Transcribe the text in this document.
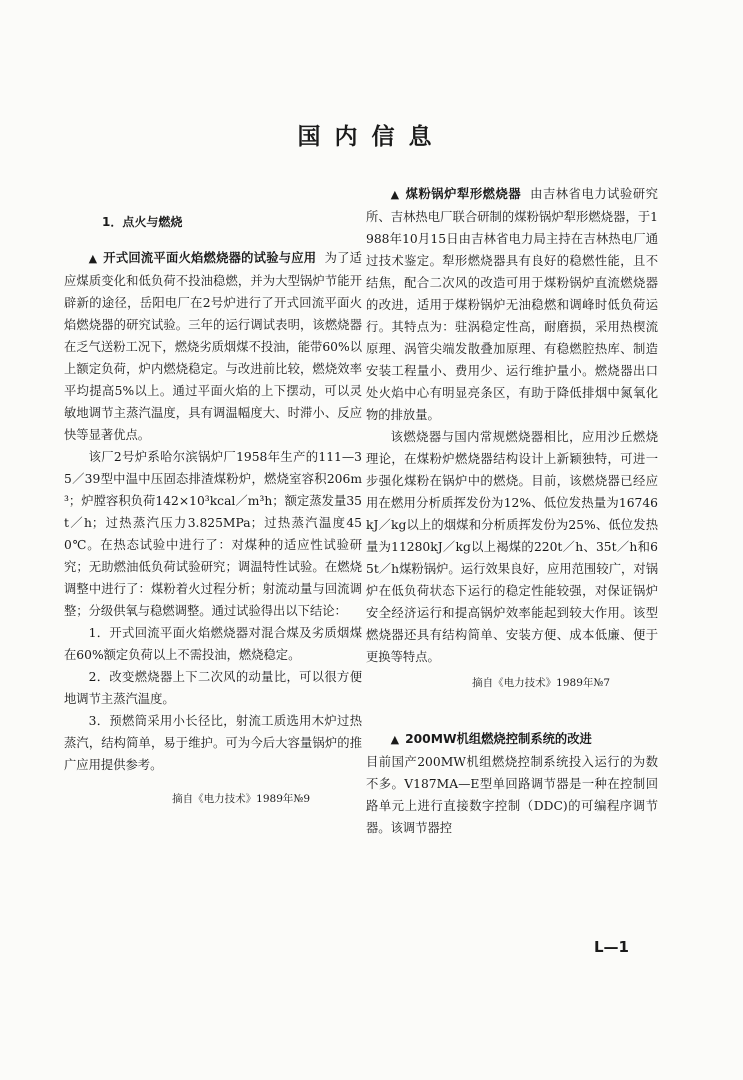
国内信息

1．点火与燃烧

▲ 开式回流平面火焰燃烧器的试验与应用 为了适应煤质变化和低负荷不投油稳燃，并为大型锅炉节能开辟新的途径，岳阳电厂在2号炉进行了开式回流平面火焰燃烧器的研究试验。三年的运行调试表明，该燃烧器在乏气送粉工况下，燃烧劣质烟煤不投油，能带60%以上额定负荷，炉内燃烧稳定。与改进前比较，燃烧效率平均提高5%以上。通过平面火焰的上下摆动，可以灵敏地调节主蒸汽温度，具有调温幅度大、时滞小、反应快等显著优点。

该厂2号炉系哈尔滨锅炉厂1958年生产的111—35／39型中温中压固态排渣煤粉炉，燃烧室容积206m³；炉膛容积负荷142×10³kcal／m³h；额定蒸发量35t／h；过热蒸汽压力3.825MPa；过热蒸汽温度450℃。在热态试验中进行了：对煤种的适应性试验研究；无助燃油低负荷试验研究；调温特性试验。在燃烧调整中进行了：煤粉着火过程分析；射流动量与回流调整；分级供氧与稳燃调整。通过试验得出以下结论：

1．开式回流平面火焰燃烧器对混合煤及劣质烟煤在60%额定负荷以上不需投油，燃烧稳定。

2．改变燃烧器上下二次风的动量比，可以很方便地调节主蒸汽温度。

3．预燃筒采用小长径比，射流工质选用木炉过热蒸汽，结构简单，易于维护。可为今后大容量锅炉的推广应用提供参考。

摘自《电力技术》1989年№9

▲ 煤粉锅炉犁形燃烧器 由吉林省电力试验研究所、吉林热电厂联合研制的煤粉锅炉犁形燃烧器，于1988年10月15日由吉林省电力局主持在吉林热电厂通过技术鉴定。犁形燃烧器具有良好的稳燃性能，且不结焦，配合二次风的改造可用于煤粉锅炉直流燃烧器的改进，适用于煤粉锅炉无油稳燃和调峰时低负荷运行。其特点为：驻涡稳定性高，耐磨损，采用热楔流原理、涡管尖端发散叠加原理、有稳燃腔热库、制造安装工程量小、费用少、运行维护量小。燃烧器出口处火焰中心有明显亮条区，有助于降低排烟中氮氧化物的排放量。

该燃烧器与国内常规燃烧器相比，应用沙丘燃烧理论，在煤粉炉燃烧器结构设计上新颖独特，可进一步强化煤粉在锅炉中的燃烧。目前，该燃烧器已经应用在燃用分析质挥发份为12%、低位发热量为16746kJ／kg以上的烟煤和分析质挥发份为25%、低位发热量为11280kJ／kg以上褐煤的220t／h、35t／h和65t／h煤粉锅炉。运行效果良好，应用范围较广，对锅炉在低负荷状态下运行的稳定性能较强，对保证锅炉安全经济运行和提高锅炉效率能起到较大作用。该型燃烧器还具有结构简单、安装方便、成本低廉、便于更换等特点。

摘自《电力技术》1989年№7

▲ 200MW机组燃烧控制系统的改进

目前国产200MW机组燃烧控制系统投入运行的为数不多。V187MA—E型单回路调节器是一种在控制回路单元上进行直接数字控制（DDC)的可编程序调节器。该调节器控

L—1
